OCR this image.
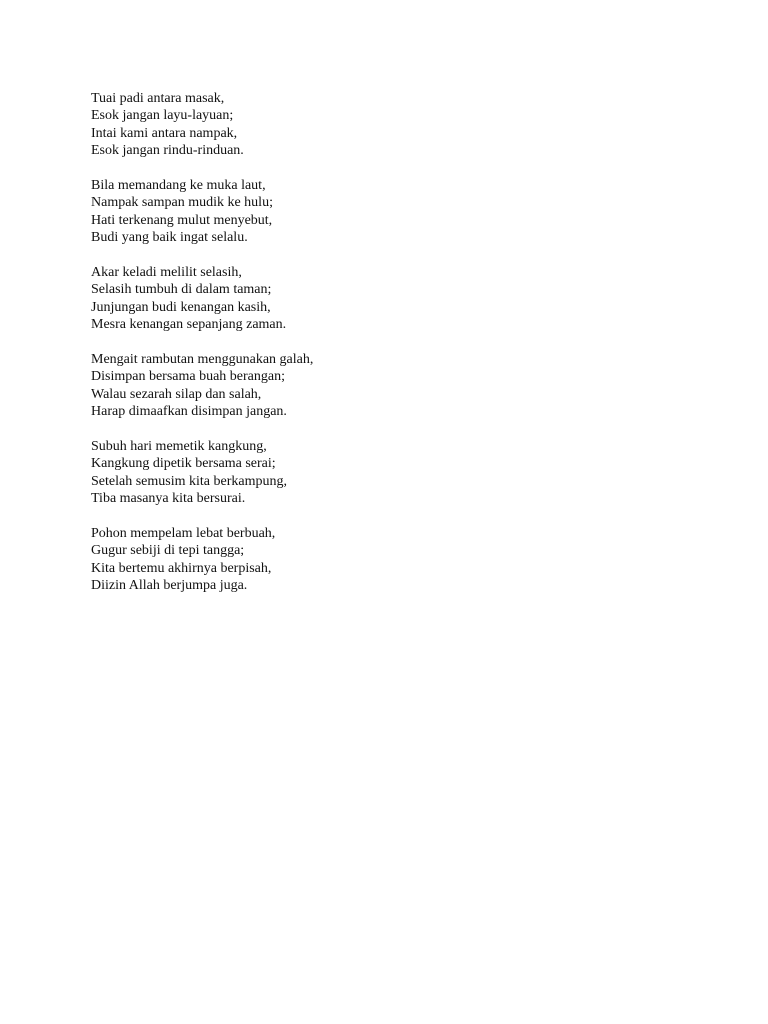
Tuai padi antara masak,
Esok jangan layu-layuan;
Intai kami antara nampak,
Esok jangan rindu-rinduan.
Bila memandang ke muka laut,
Nampak sampan mudik ke hulu;
Hati terkenang mulut menyebut,
Budi yang baik ingat selalu.
Akar keladi melilit selasih,
Selasih tumbuh di dalam taman;
Junjungan budi kenangan kasih,
Mesra kenangan sepanjang zaman.
Mengait rambutan menggunakan galah,
Disimpan bersama buah berangan;
Walau sezarah silap dan salah,
Harap dimaafkan disimpan jangan.
Subuh hari memetik kangkung,
Kangkung dipetik bersama serai;
Setelah semusim kita berkampung,
Tiba masanya kita bersurai.
Pohon mempelam lebat berbuah,
Gugur sebiji di tepi tangga;
Kita bertemu akhirnya berpisah,
Diizin Allah berjumpa juga.
